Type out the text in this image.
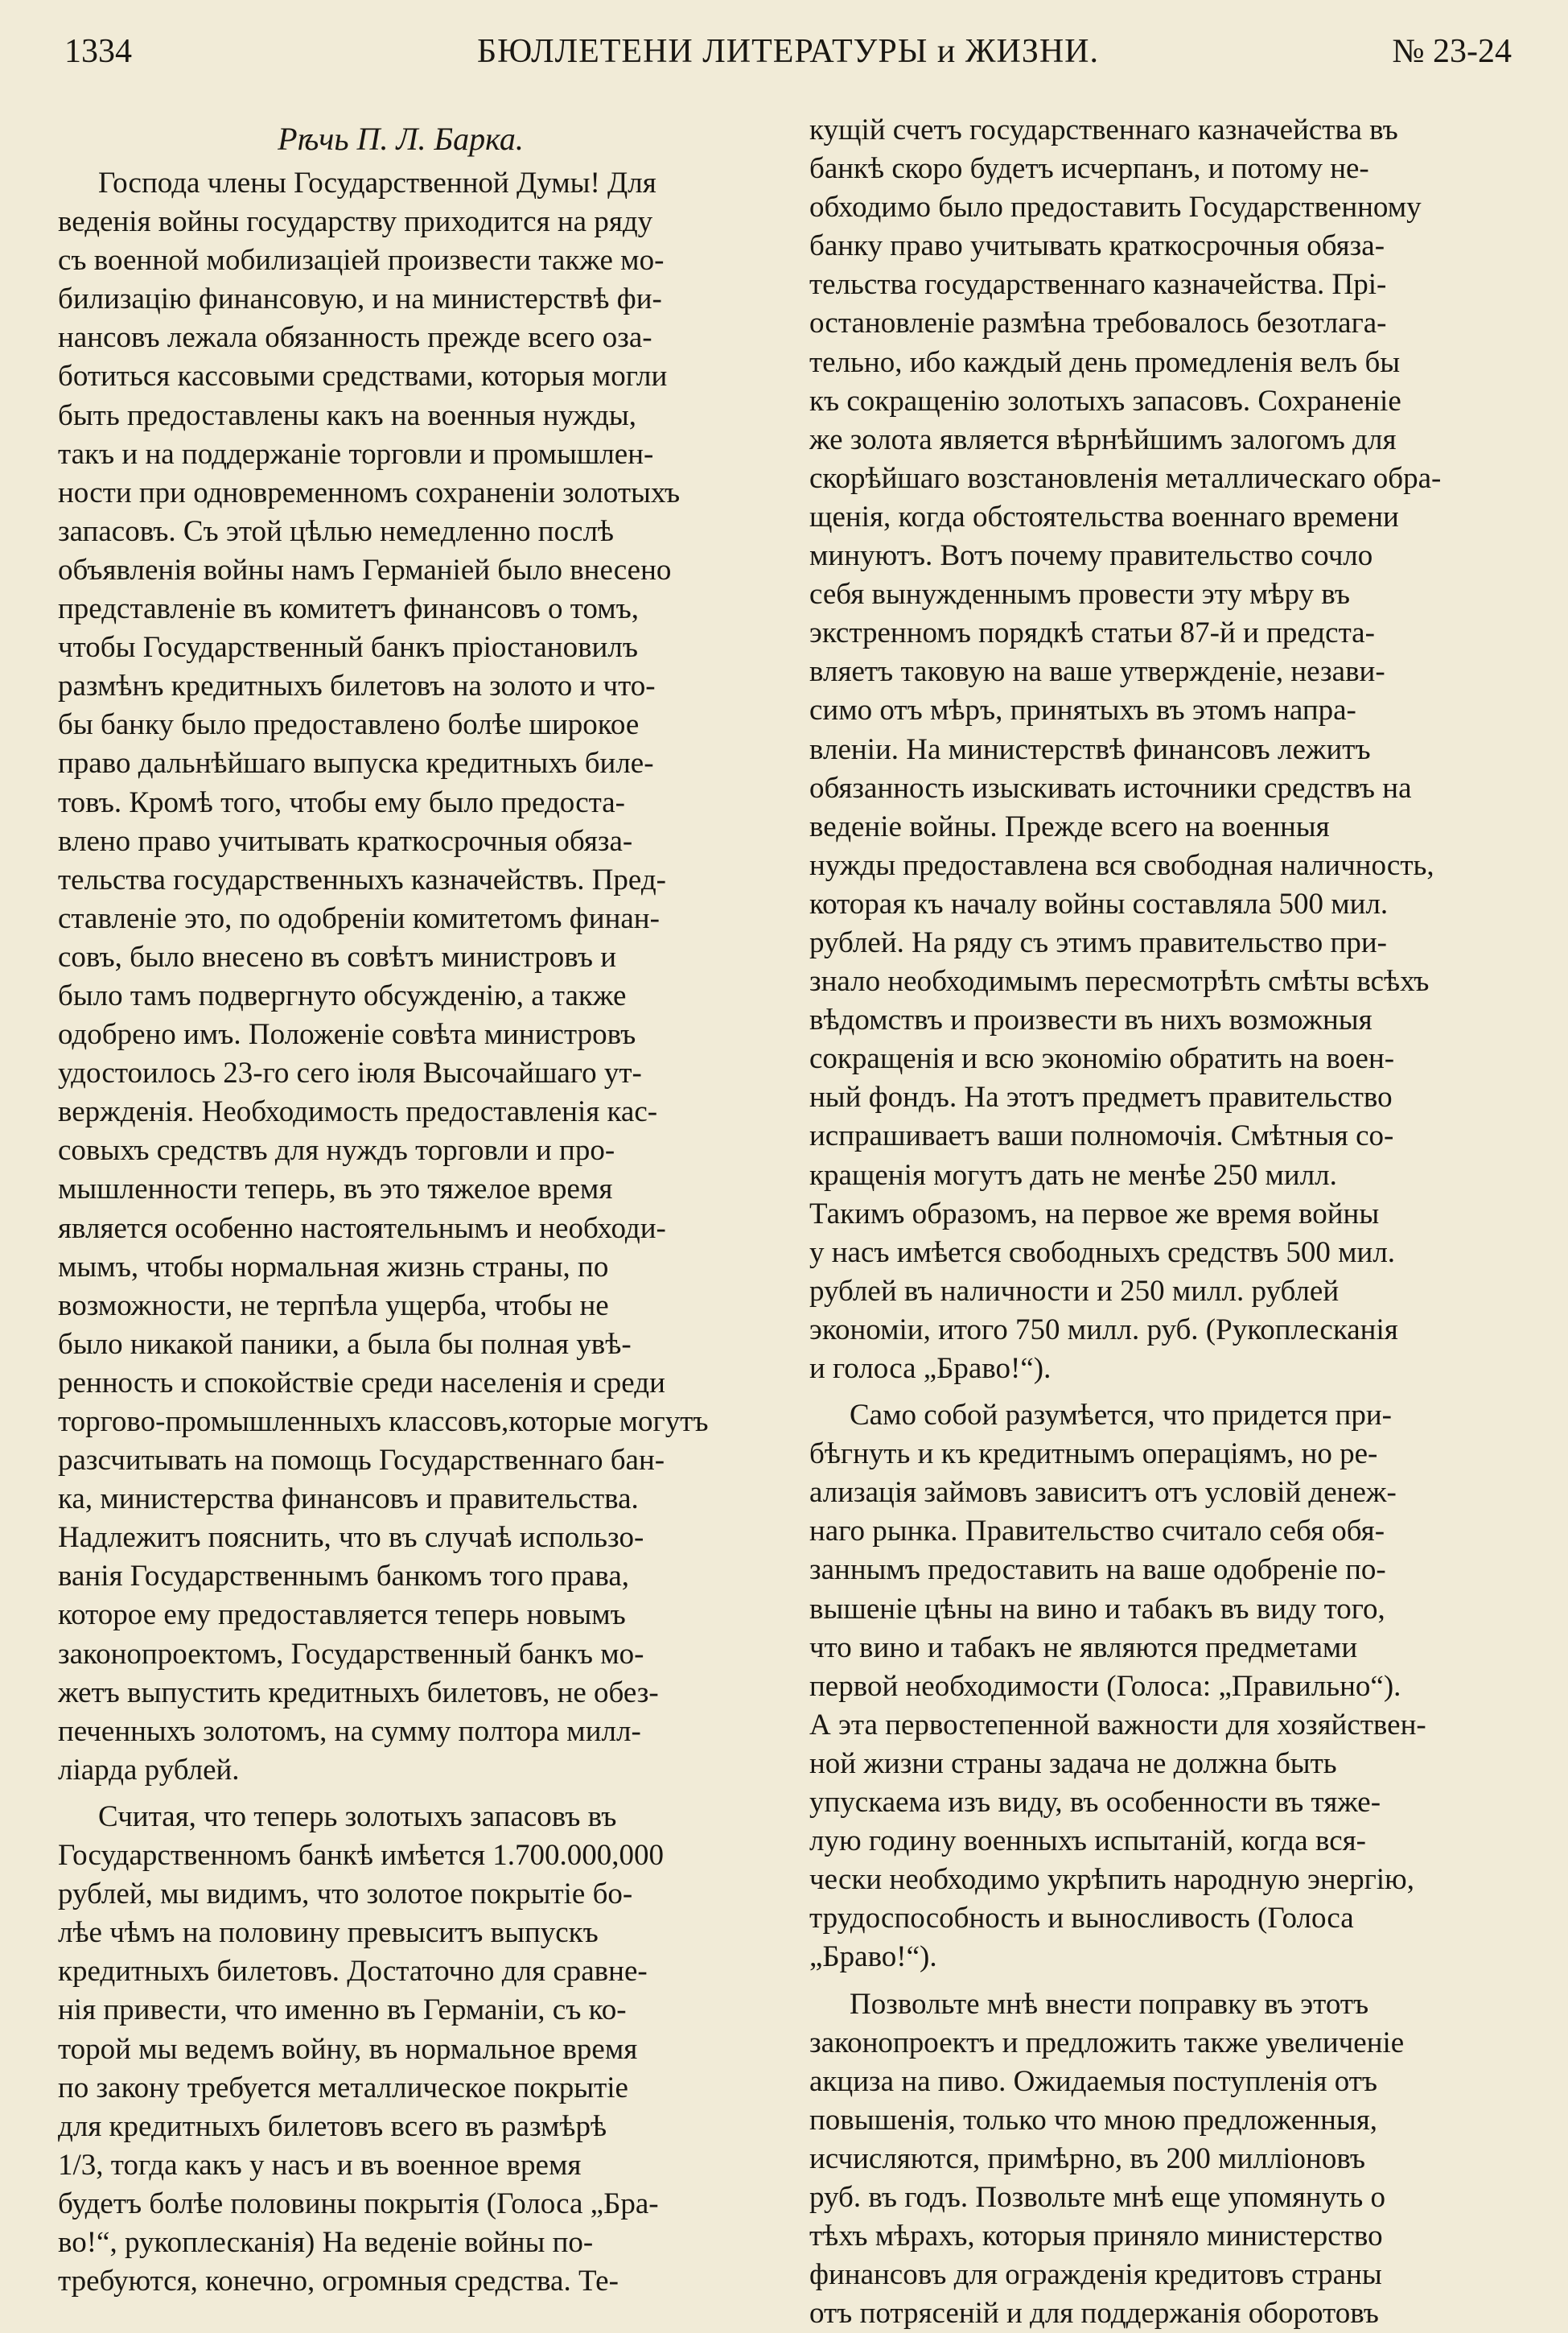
1334	БЮЛЛЕТЕНИ ЛИТЕРАТУРЫ и ЖИЗНИ.	№ 23-24
Рѣчь П. Л. Барка.
Господа члены Государственной Думы! Для
веденія войны государству приходится на ряду
съ военной мобилизаціей произвести также мо-
билизацію финансовую, и на министерствѣ фи-
нансовъ лежала обязанность прежде всего оза-
ботиться кассовыми средствами, которыя могли
быть предоставлены какъ на военныя нужды,
такъ и на поддержаніе торговли и промышлен-
ности при одновременномъ сохраненіи золотыхъ
запасовъ. Съ этой цѣлью немедленно послѣ
объявленія войны намъ Германіей было внесено
представленіе въ комитетъ финансовъ о томъ,
чтобы Государственный банкъ пріостановилъ
размѣнъ кредитныхъ билетовъ на золото и что-
бы банку было предоставлено болѣе широкое
право дальнѣйшаго выпуска кредитныхъ биле-
товъ. Кромѣ того, чтобы ему было предоста-
влено право учитывать краткосрочныя обяза-
тельства государственныхъ казначействъ. Пред-
ставленіе это, по одобреніи комитетомъ финан-
совъ, было внесено въ совѣтъ министровъ и
было тамъ подвергнуто обсужденію, а также
одобрено имъ. Положеніе совѣта министровъ
удостоилось 23-го сего іюля Высочайшаго ут-
вержденія. Необходимость предоставленія кас-
совыхъ средствъ для нуждъ торговли и про-
мышленности теперь, въ это тяжелое время
является особенно настоятельнымъ и необходи-
мымъ, чтобы нормальная жизнь страны, по
возможности, не терпѣла ущерба, чтобы не
было никакой паники, а была бы полная увѣ-
ренность и спокойствіе среди населенія и среди
торгово-промышленныхъ классовъ,которые могутъ
разсчитывать на помощь Государственнаго бан-
ка, министерства финансовъ и правительства.
Надлежитъ пояснить, что въ случаѣ использо-
ванія Государственнымъ банкомъ того права,
которое ему предоставляется теперь новымъ
законопроектомъ, Государственный банкъ мо-
жетъ выпустить кредитныхъ билетовъ, не обез-
печенныхъ золотомъ, на сумму полтора милл-
ліарда рублей.
Считая, что теперь золотыхъ запасовъ въ
Государственномъ банкѣ имѣется 1.700.000,000
рублей, мы видимъ, что золотое покрытіе бо-
лѣе чѣмъ на половину превыситъ выпускъ
кредитныхъ билетовъ. Достаточно для сравне-
нія привести, что именно въ Германіи, съ ко-
торой мы ведемъ войну, въ нормальное время
по закону требуется металлическое покрытіе
для кредитныхъ билетовъ всего въ размѣрѣ
1/3, тогда какъ у насъ и въ военное время
будетъ болѣе половины покрытія (Голоса „Бра-
во!“, рукоплесканія) На веденіе войны по-
требуются, конечно, огромныя средства. Те-
кущій счетъ государственнаго казначейства въ
банкѣ скоро будетъ исчерпанъ, и потому не-
обходимо было предоставить Государственному
банку право учитывать краткосрочныя обяза-
тельства государственнаго казначейства. Прі-
остановленіе размѣна требовалось безотлага-
тельно, ибо каждый день промедленія велъ бы
къ сокращенію золотыхъ запасовъ. Сохраненіе
же золота является вѣрнѣйшимъ залогомъ для
скорѣйшаго возстановленія металлическаго обра-
щенія, когда обстоятельства военнаго времени
минуютъ. Вотъ почему правительство сочло
себя вынужденнымъ провести эту мѣру въ
экстренномъ порядкѣ статьи 87-й и предста-
вляетъ таковую на ваше утвержденіе, незави-
симо отъ мѣръ, принятыхъ въ этомъ напра-
вленіи. На министерствѣ финансовъ лежитъ
обязанность изыскивать источники средствъ на
веденіе войны. Прежде всего на военныя
нужды предоставлена вся свободная наличность,
которая къ началу войны составляла 500 мил.
рублей. На ряду съ этимъ правительство при-
знало необходимымъ пересмотрѣть смѣты всѣхъ
вѣдомствъ и произвести въ нихъ возможныя
сокращенія и всю экономію обратить на воен-
ный фондъ. На этотъ предметъ правительство
испрашиваетъ ваши полномочія. Смѣтныя со-
кращенія могутъ дать не менѣе 250 милл.
Такимъ образомъ, на первое же время войны
у насъ имѣется свободныхъ средствъ 500 мил.
рублей въ наличности и 250 милл. рублей
экономіи, итого 750 милл. руб. (Рукоплесканія
и голоса „Браво!“).
Само собой разумѣется, что придется при-
бѣгнуть и къ кредитнымъ операціямъ, но ре-
ализація займовъ зависитъ отъ условій денеж-
наго рынка. Правительство считало себя обя-
заннымъ предоставить на ваше одобреніе по-
вышеніе цѣны на вино и табакъ въ виду того,
что вино и табакъ не являются предметами
первой необходимости (Голоса: „Правильно“).
А эта первостепенной важности для хозяйствен-
ной жизни страны задача не должна быть
упускаема изъ виду, въ особенности въ тяже-
лую годину военныхъ испытаній, когда вся-
чески необходимо укрѣпить народную энергію,
трудоспособность и выносливость (Голоса
„Браво!“).
Позвольте мнѣ внести поправку въ этотъ
законопроектъ и предложить также увеличеніе
акциза на пиво. Ожидаемыя поступленія отъ
повышенія, только что мною предложенныя,
исчисляются, примѣрно, въ 200 милліоновъ
руб. въ годъ. Позвольте мнѣ еще упомянуть о
тѣхъ мѣрахъ, которыя приняло министерство
финансовъ для огражденія кредитовъ страны
отъ потрясеній и для поддержанія оборотовъ
